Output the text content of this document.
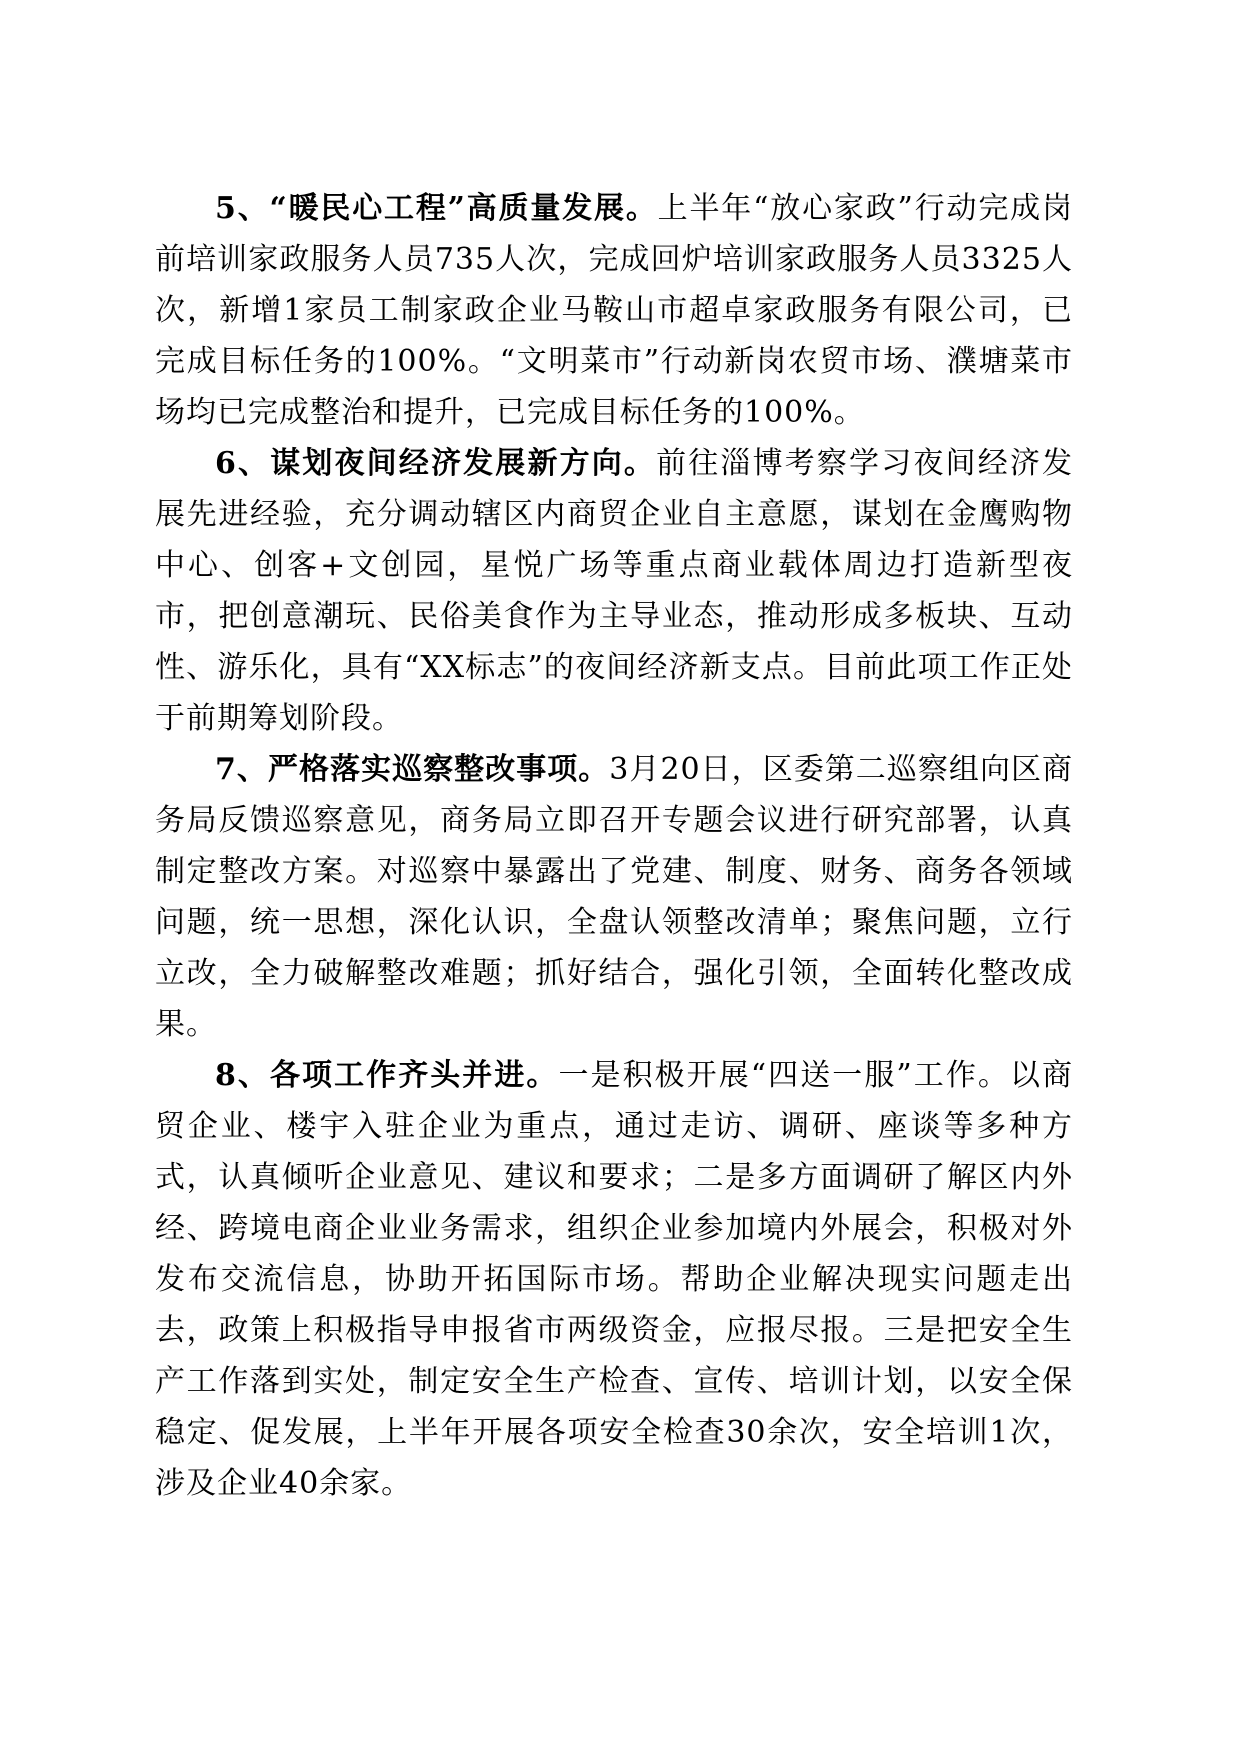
5、“暖民心工程”高质量发展。上半年“放心家政”行动完成岗前培训家政服务人员735人次，完成回炉培训家政服务人员3325人次，新增1家员工制家政企业马鞍山市超卓家政服务有限公司，已完成目标任务的100%。“文明菜市”行动新岗农贸市场、濮塘菜市场均已完成整治和提升，已完成目标任务的100%。

6、谋划夜间经济发展新方向。前往淄博考察学习夜间经济发展先进经验，充分调动辖区内商贸企业自主意愿，谋划在金鹰购物中心、创客+文创园，星悦广场等重点商业载体周边打造新型夜市，把创意潮玩、民俗美食作为主导业态，推动形成多板块、互动性、游乐化，具有“XX标志”的夜间经济新支点。目前此项工作正处于前期筹划阶段。

7、严格落实巡察整改事项。3月20日，区委第二巡察组向区商务局反馈巡察意见，商务局立即召开专题会议进行研究部署，认真制定整改方案。对巡察中暴露出了党建、制度、财务、商务各领域问题，统一思想，深化认识，全盘认领整改清单；聚焦问题，立行立改，全力破解整改难题；抓好结合，强化引领，全面转化整改成果。

8、各项工作齐头并进。一是积极开展“四送一服”工作。以商贸企业、楼宇入驻企业为重点，通过走访、调研、座谈等多种方式，认真倾听企业意见、建议和要求；二是多方面调研了解区内外经、跨境电商企业业务需求，组织企业参加境内外展会，积极对外发布交流信息，协助开拓国际市场。帮助企业解决现实问题走出去，政策上积极指导申报省市两级资金，应报尽报。三是把安全生产工作落到实处，制定安全生产检查、宣传、培训计划，以安全保稳定、促发展，上半年开展各项安全检查30余次，安全培训1次，涉及企业40余家。
